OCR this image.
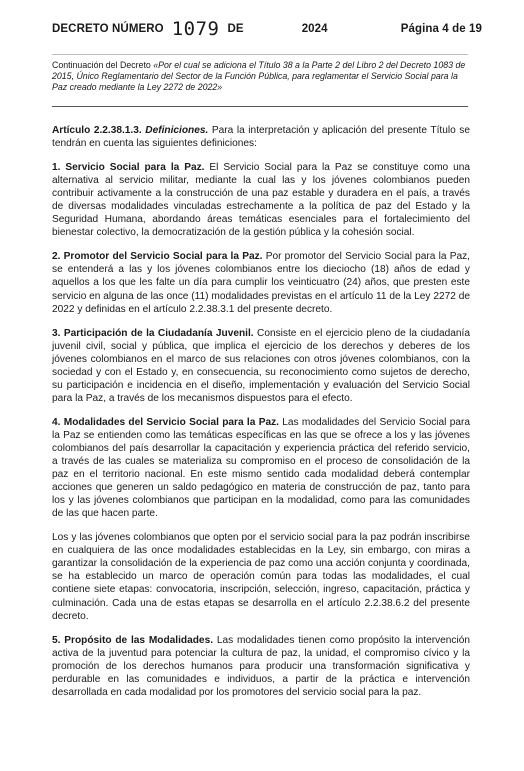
DECRETO NÚMERO 1079 DE	2024	Página 4 de 19
Continuación del Decreto «Por el cual se adiciona el Título 38 a la Parte 2 del Libro 2 del Decreto 1083 de 2015, Único Reglamentario del Sector de la Función Pública, para reglamentar el Servicio Social para la Paz creado mediante la Ley 2272 de 2022»

Artículo 2.2.38.1.3. Definiciones. Para la interpretación y aplicación del presente Título se tendrán en cuenta las siguientes definiciones:

1. Servicio Social para la Paz. El Servicio Social para la Paz se constituye como una alternativa al servicio militar, mediante la cual las y los jóvenes colombianos pueden contribuir activamente a la construcción de una paz estable y duradera en el país, a través de diversas modalidades vinculadas estrechamente a la política de paz del Estado y la Seguridad Humana, abordando áreas temáticas esenciales para el fortalecimiento del bienestar colectivo, la democratización de la gestión pública y la cohesión social.

2. Promotor del Servicio Social para la Paz. Por promotor del Servicio Social para la Paz, se entenderá a las y los jóvenes colombianos entre los dieciocho (18) años de edad y aquellos a los que les falte un día para cumplir los veinticuatro (24) años, que presten este servicio en alguna de las once (11) modalidades previstas en el artículo 11 de la Ley 2272 de 2022 y definidas en el artículo 2.2.38.3.1 del presente decreto.

3. Participación de la Ciudadanía Juvenil. Consiste en el ejercicio pleno de la ciudadanía juvenil civil, social y pública, que implica el ejercicio de los derechos y deberes de los jóvenes colombianos en el marco de sus relaciones con otros jóvenes colombianos, con la sociedad y con el Estado y, en consecuencia, su reconocimiento como sujetos de derecho, su participación e incidencia en el diseño, implementación y evaluación del Servicio Social para la Paz, a través de los mecanismos dispuestos para el efecto.

4. Modalidades del Servicio Social para la Paz. Las modalidades del Servicio Social para la Paz se entienden como las temáticas específicas en las que se ofrece a los y las jóvenes colombianos del país desarrollar la capacitación y experiencia práctica del referido servicio, a través de las cuales se materializa su compromiso en el proceso de consolidación de la paz en el territorio nacional. En este mismo sentido cada modalidad deberá contemplar acciones que generen un saldo pedagógico en materia de construcción de paz, tanto para los y las jóvenes colombianos que participan en la modalidad, como para las comunidades de las que hacen parte.

Los y las jóvenes colombianos que opten por el servicio social para la paz podrán inscribirse en cualquiera de las once modalidades establecidas en la Ley, sin embargo, con miras a garantizar la consolidación de la experiencia de paz como una acción conjunta y coordinada, se ha establecido un marco de operación común para todas las modalidades, el cual contiene siete etapas: convocatoria, inscripción, selección, ingreso, capacitación, práctica y culminación. Cada una de estas etapas se desarrolla en el artículo 2.2.38.6.2 del presente decreto.

5. Propósito de las Modalidades. Las modalidades tienen como propósito la intervención activa de la juventud para potenciar la cultura de paz, la unidad, el compromiso cívico y la promoción de los derechos humanos para producir una transformación significativa y perdurable en las comunidades e individuos, a partir de la práctica e intervención desarrollada en cada modalidad por los promotores del servicio social para la paz.
